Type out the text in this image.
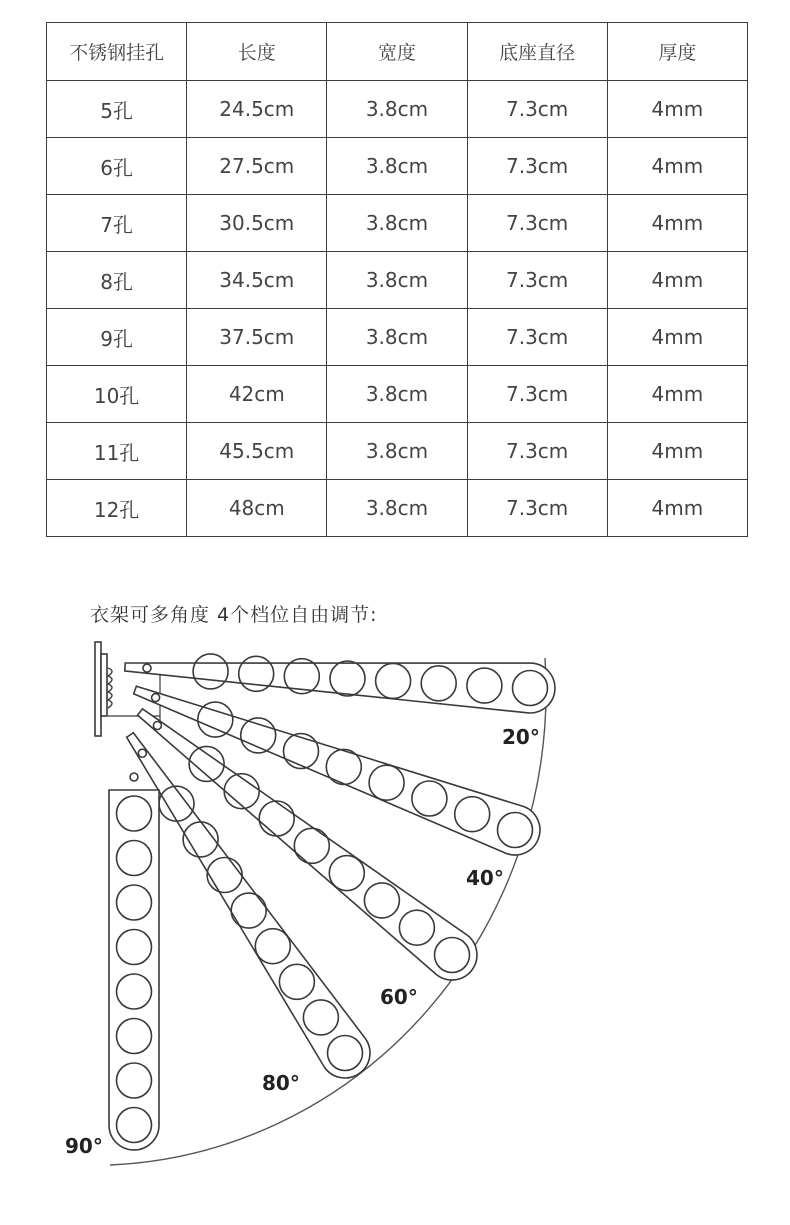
不锈钢挂孔	长度	宽度	底座直径	厚度
5孔	24.5cm	3.8cm	7.3cm	4mm
6孔	27.5cm	3.8cm	7.3cm	4mm
7孔	30.5cm	3.8cm	7.3cm	4mm
8孔	34.5cm	3.8cm	7.3cm	4mm
9孔	37.5cm	3.8cm	7.3cm	4mm
10孔	42cm	3.8cm	7.3cm	4mm
11孔	45.5cm	3.8cm	7.3cm	4mm
12孔	48cm	3.8cm	7.3cm	4mm
衣架可多角度 4个档位自由调节:
20°
40°
60°
80°
90°
